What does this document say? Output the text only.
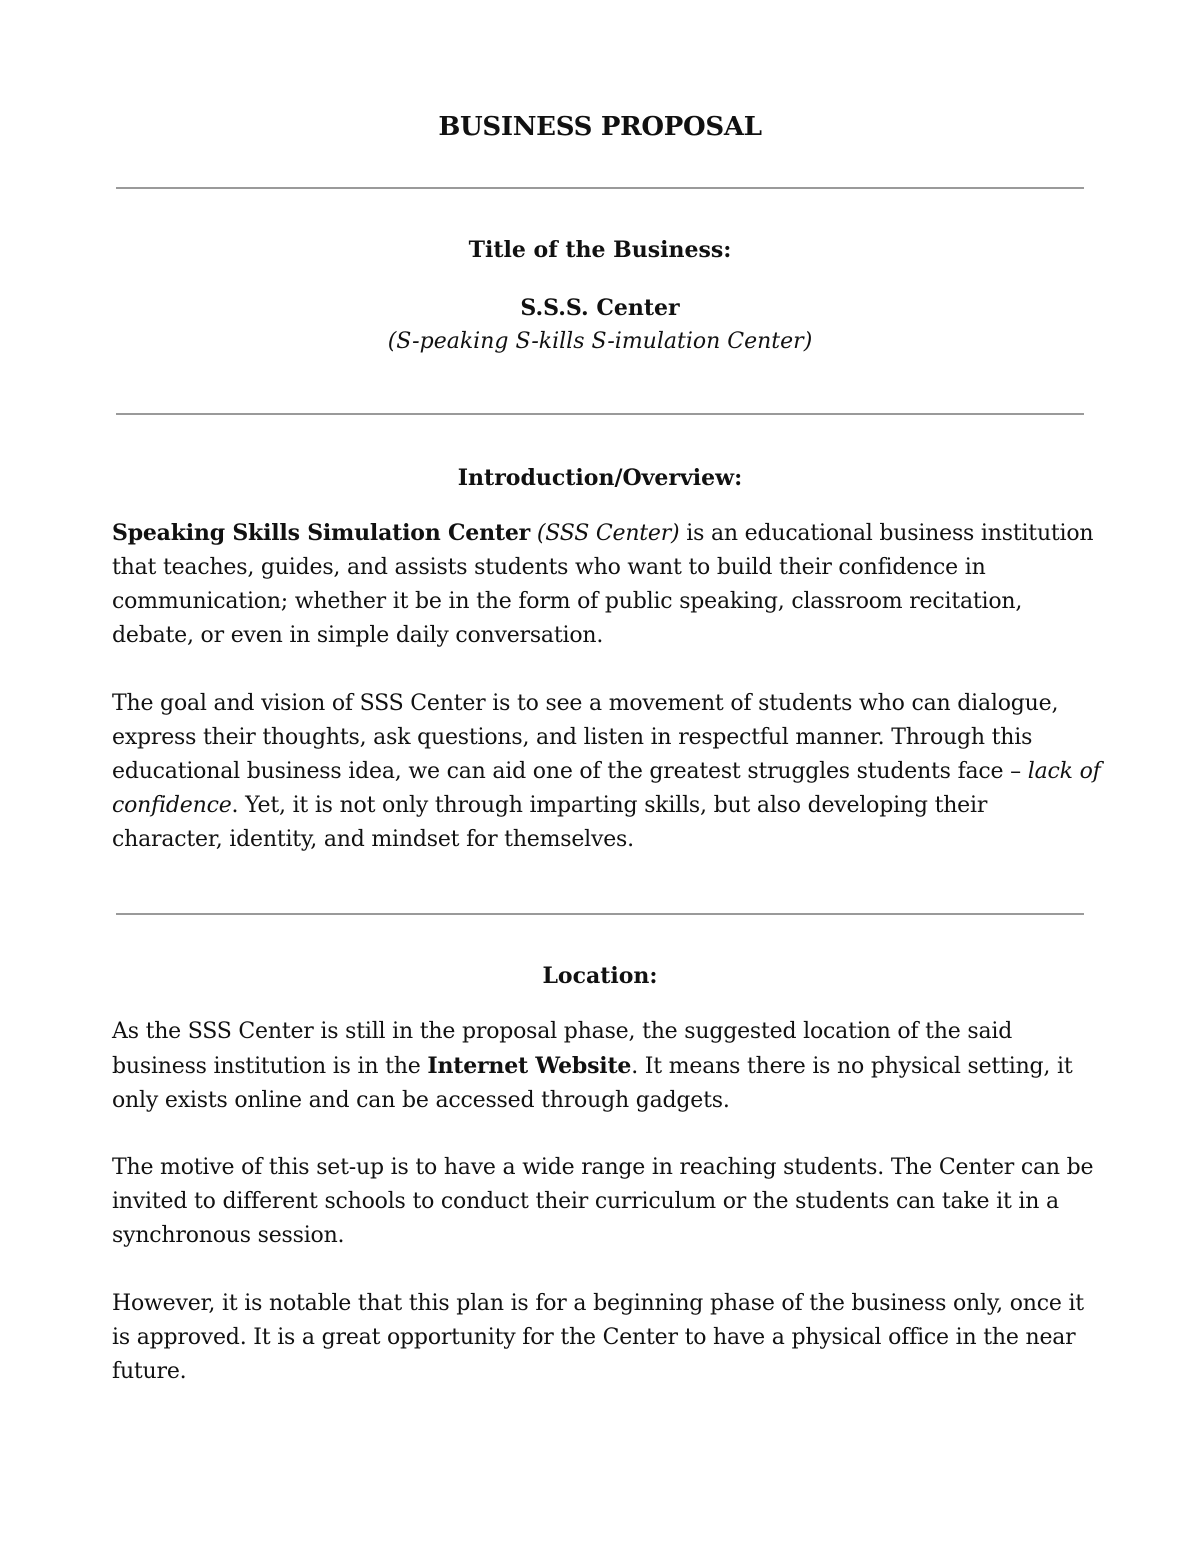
BUSINESS PROPOSAL
Title of the Business:
S.S.S. Center
(S-peaking S-kills S-imulation Center)
Introduction/Overview:

Speaking Skills Simulation Center (SSS Center) is an educational business institution that teaches, guides, and assists students who want to build their confidence in communication; whether it be in the form of public speaking, classroom recitation, debate, or even in simple daily conversation.

The goal and vision of SSS Center is to see a movement of students who can dialogue, express their thoughts, ask questions, and listen in respectful manner. Through this educational business idea, we can aid one of the greatest struggles students face – lack of confidence. Yet, it is not only through imparting skills, but also developing their character, identity, and mindset for themselves.

Location:

As the SSS Center is still in the proposal phase, the suggested location of the said business institution is in the Internet Website. It means there is no physical setting, it only exists online and can be accessed through gadgets.

The motive of this set-up is to have a wide range in reaching students. The Center can be invited to different schools to conduct their curriculum or the students can take it in a synchronous session.

However, it is notable that this plan is for a beginning phase of the business only, once it is approved. It is a great opportunity for the Center to have a physical office in the near future.
